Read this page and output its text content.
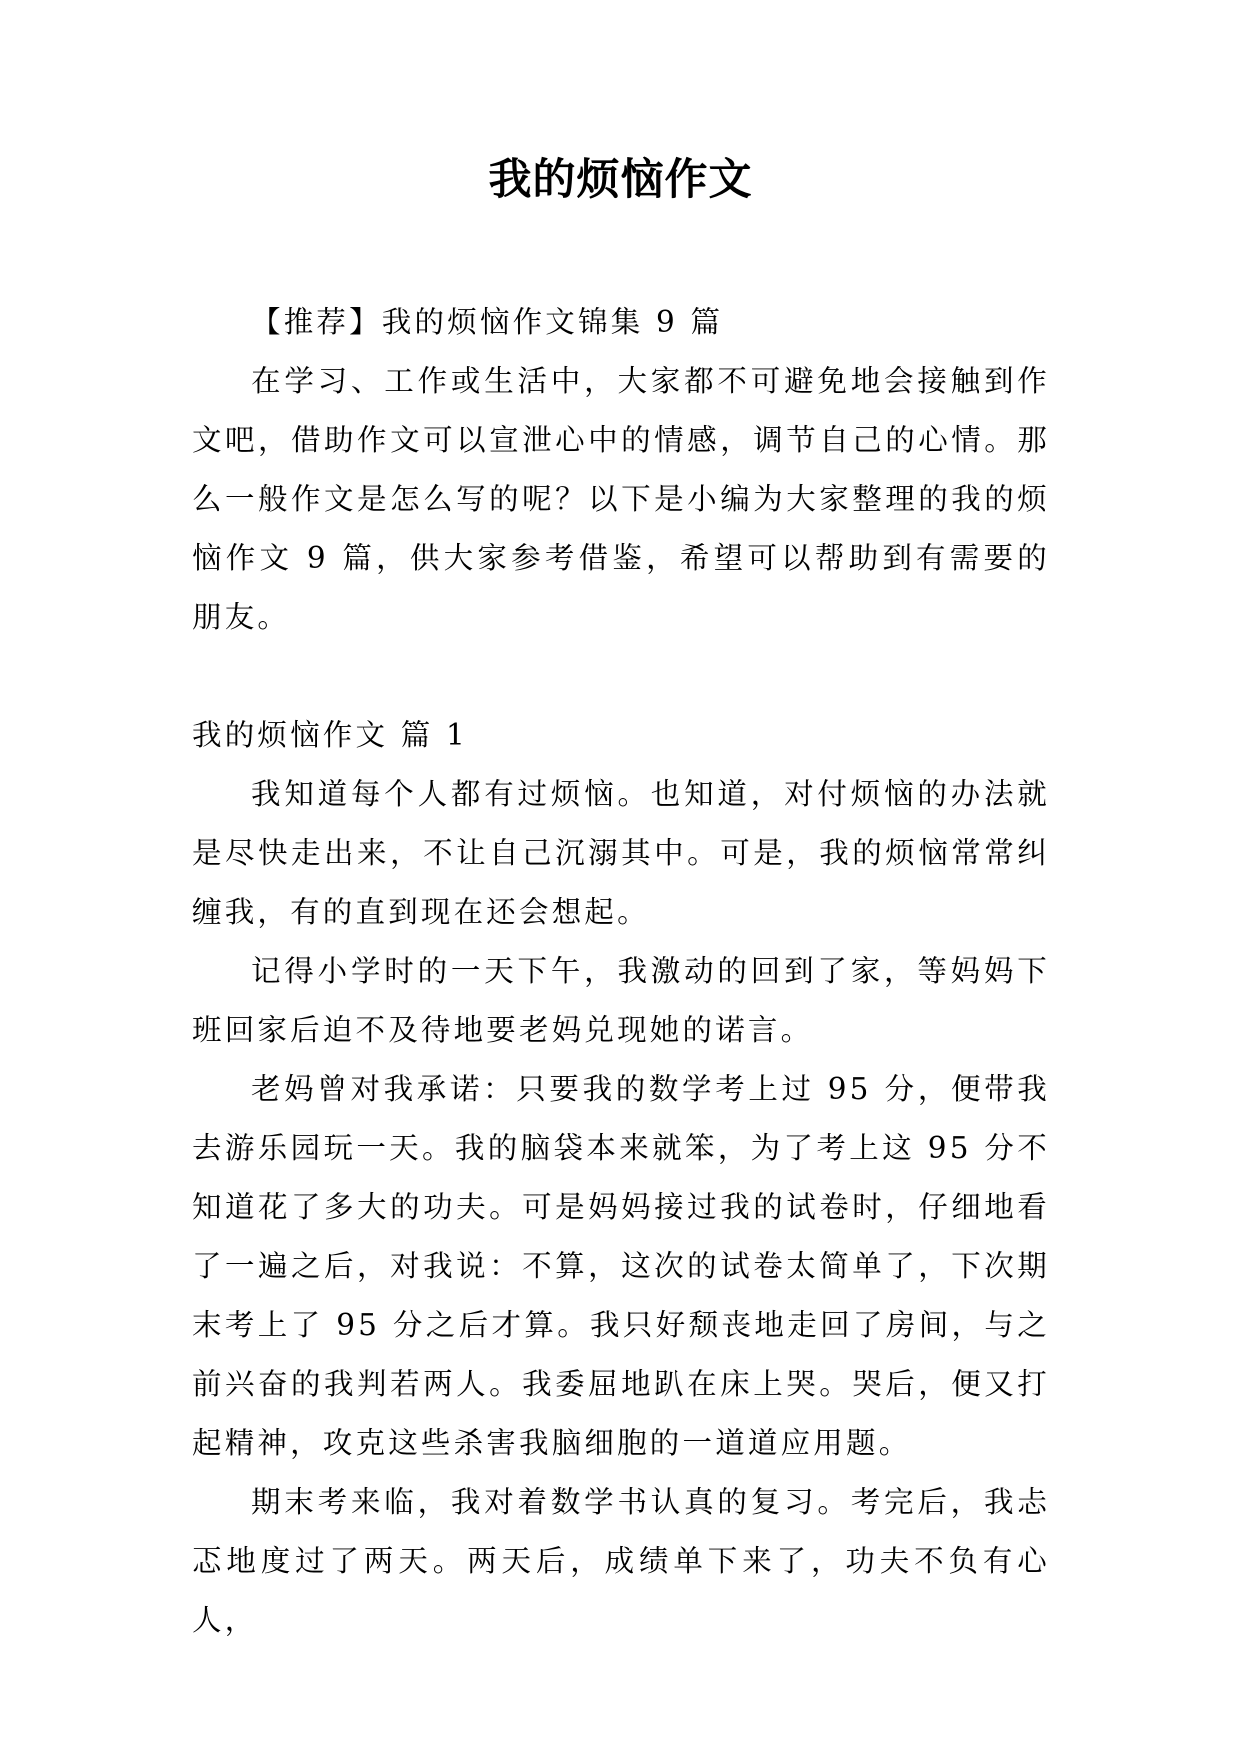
我的烦恼作文

【推荐】我的烦恼作文锦集 9 篇

在学习、工作或生活中，大家都不可避免地会接触到作文吧，借助作文可以宣泄心中的情感，调节自己的心情。那么一般作文是怎么写的呢？以下是小编为大家整理的我的烦恼作文 9 篇，供大家参考借鉴，希望可以帮助到有需要的朋友。

我的烦恼作文 篇 1

我知道每个人都有过烦恼。也知道，对付烦恼的办法就是尽快走出来，不让自己沉溺其中。可是，我的烦恼常常纠缠我，有的直到现在还会想起。

记得小学时的一天下午，我激动的回到了家，等妈妈下班回家后迫不及待地要老妈兑现她的诺言。

老妈曾对我承诺：只要我的数学考上过 95 分，便带我去游乐园玩一天。我的脑袋本来就笨，为了考上这 95 分不知道花了多大的功夫。可是妈妈接过我的试卷时，仔细地看了一遍之后，对我说：不算，这次的试卷太简单了，下次期末考上了 95 分之后才算。我只好颓丧地走回了房间，与之前兴奋的我判若两人。我委屈地趴在床上哭。哭后，便又打起精神，攻克这些杀害我脑细胞的一道道应用题。

期末考来临，我对着数学书认真的复习。考完后，我忐忑地度过了两天。两天后，成绩单下来了，功夫不负有心人，
